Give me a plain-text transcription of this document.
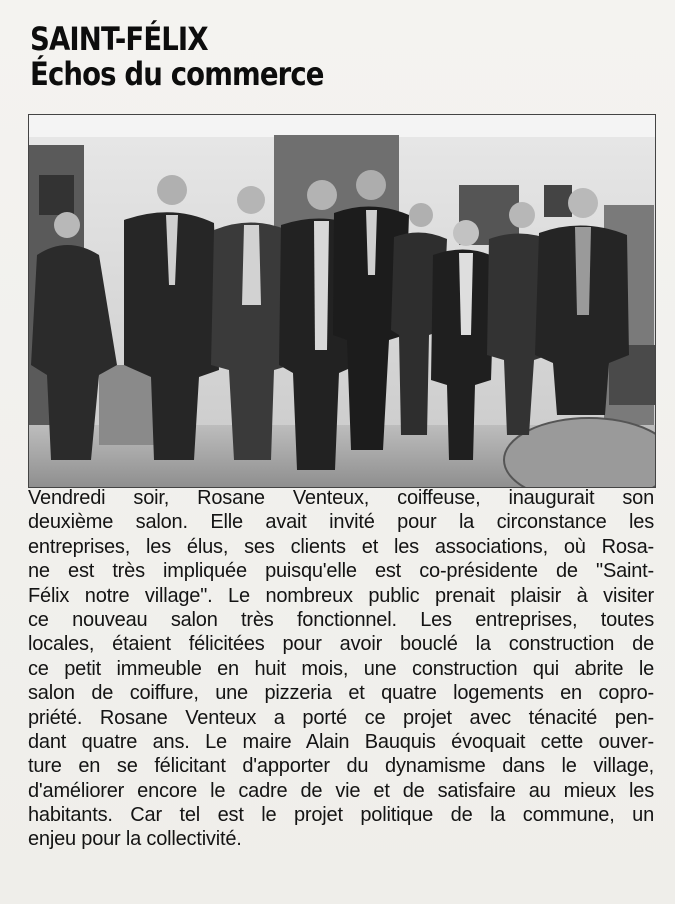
SAINT-FÉLIX
Échos du commerce
Vendredi soir, Rosane Venteux, coiffeuse, inaugurait son
deuxième salon. Elle avait invité pour la circonstance les
entreprises, les élus, ses clients et les associations, où Rosa-
ne est très impliquée puisqu'elle est co-présidente de "Saint-
Félix notre village". Le nombreux public prenait plaisir à visiter
ce nouveau salon très fonctionnel. Les entreprises, toutes
locales, étaient félicitées pour avoir bouclé la construction de
ce petit immeuble en huit mois, une construction qui abrite le
salon de coiffure, une pizzeria et quatre logements en copro-
priété. Rosane Venteux a porté ce projet avec ténacité pen-
dant quatre ans. Le maire Alain Bauquis évoquait cette ouver-
ture en se félicitant d'apporter du dynamisme dans le village,
d'améliorer encore le cadre de vie et de satisfaire au mieux les
habitants. Car tel est le projet politique de la commune, un
enjeu pour la collectivité.
